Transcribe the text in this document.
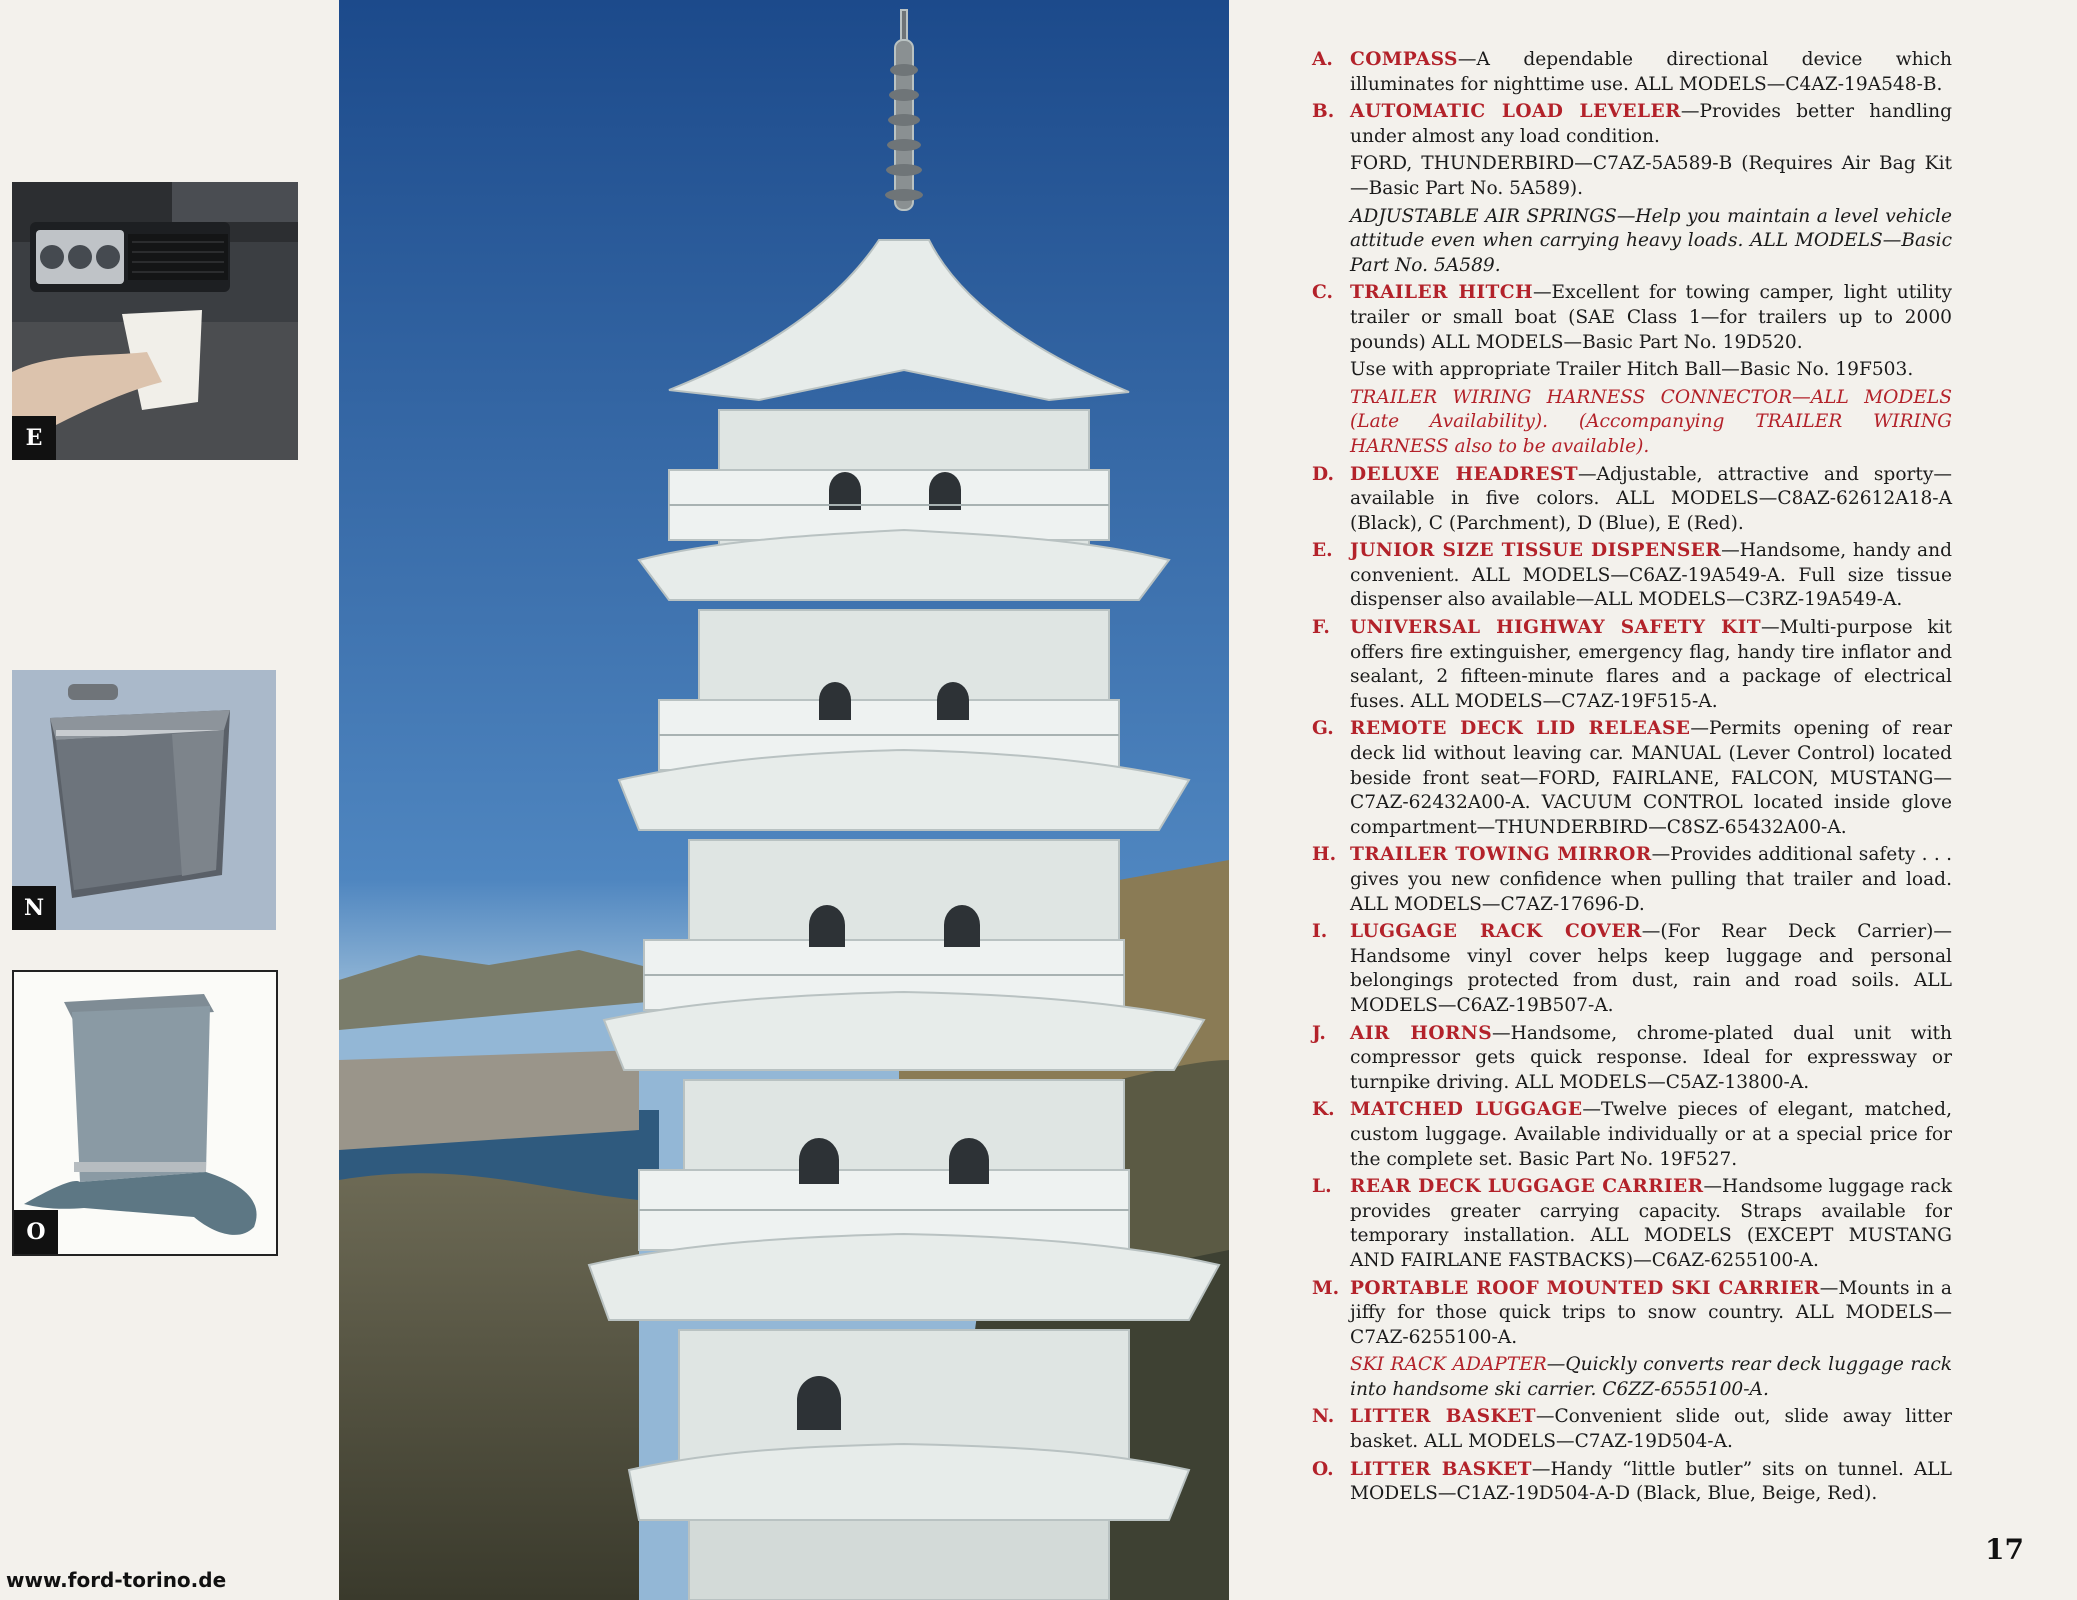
E
N
O
www.ford-torino.de
A. COMPASS—A dependable directional device which illuminates for nighttime use. ALL MODELS—C4AZ-19A548-B.
B. AUTOMATIC LOAD LEVELER—Provides better handling under almost any load condition.
FORD, THUNDERBIRD—C7AZ-5A589-B (Requires Air Bag Kit—Basic Part No. 5A589).
ADJUSTABLE AIR SPRINGS—Help you maintain a level vehicle attitude even when carrying heavy loads. ALL MODELS—Basic Part No. 5A589.
C. TRAILER HITCH—Excellent for towing camper, light utility trailer or small boat (SAE Class 1—for trailers up to 2000 pounds) ALL MODELS—Basic Part No. 19D520.
Use with appropriate Trailer Hitch Ball—Basic No. 19F503.
TRAILER WIRING HARNESS CONNECTOR—ALL MODELS (Late Availability). (Accompanying TRAILER WIRING HARNESS also to be available).
D. DELUXE HEADREST—Adjustable, attractive and sporty—available in five colors. ALL MODELS—C8AZ-62612A18-A (Black), C (Parchment), D (Blue), E (Red).
E. JUNIOR SIZE TISSUE DISPENSER—Handsome, handy and convenient. ALL MODELS—C6AZ-19A549-A. Full size tissue dispenser also available—ALL MODELS—C3RZ-19A549-A.
F. UNIVERSAL HIGHWAY SAFETY KIT—Multi-purpose kit offers fire extinguisher, emergency flag, handy tire inflator and sealant, 2 fifteen-minute flares and a package of electrical fuses. ALL MODELS—C7AZ-19F515-A.
G. REMOTE DECK LID RELEASE—Permits opening of rear deck lid without leaving car. MANUAL (Lever Control) located beside front seat—FORD, FAIRLANE, FALCON, MUSTANG—C7AZ-62432A00-A. VACUUM CONTROL located inside glove compartment—THUNDERBIRD—C8SZ-65432A00-A.
H. TRAILER TOWING MIRROR—Provides additional safety . . . gives you new confidence when pulling that trailer and load. ALL MODELS—C7AZ-17696-D.
I. LUGGAGE RACK COVER—(For Rear Deck Carrier)—Handsome vinyl cover helps keep luggage and personal belongings protected from dust, rain and road soils. ALL MODELS—C6AZ-19B507-A.
J. AIR HORNS—Handsome, chrome-plated dual unit with compressor gets quick response. Ideal for expressway or turnpike driving. ALL MODELS—C5AZ-13800-A.
K. MATCHED LUGGAGE—Twelve pieces of elegant, matched, custom luggage. Available individually or at a special price for the complete set. Basic Part No. 19F527.
L. REAR DECK LUGGAGE CARRIER—Handsome luggage rack provides greater carrying capacity. Straps available for temporary installation. ALL MODELS (EXCEPT MUSTANG AND FAIRLANE FASTBACKS)—C6AZ-6255100-A.
M. PORTABLE ROOF MOUNTED SKI CARRIER—Mounts in a jiffy for those quick trips to snow country. ALL MODELS—C7AZ-6255100-A.
SKI RACK ADAPTER—Quickly converts rear deck luggage rack into handsome ski carrier. C6ZZ-6555100-A.
N. LITTER BASKET—Convenient slide out, slide away litter basket. ALL MODELS—C7AZ-19D504-A.
O. LITTER BASKET—Handy “little butler” sits on tunnel. ALL MODELS—C1AZ-19D504-A-D (Black, Blue, Beige, Red).
17
